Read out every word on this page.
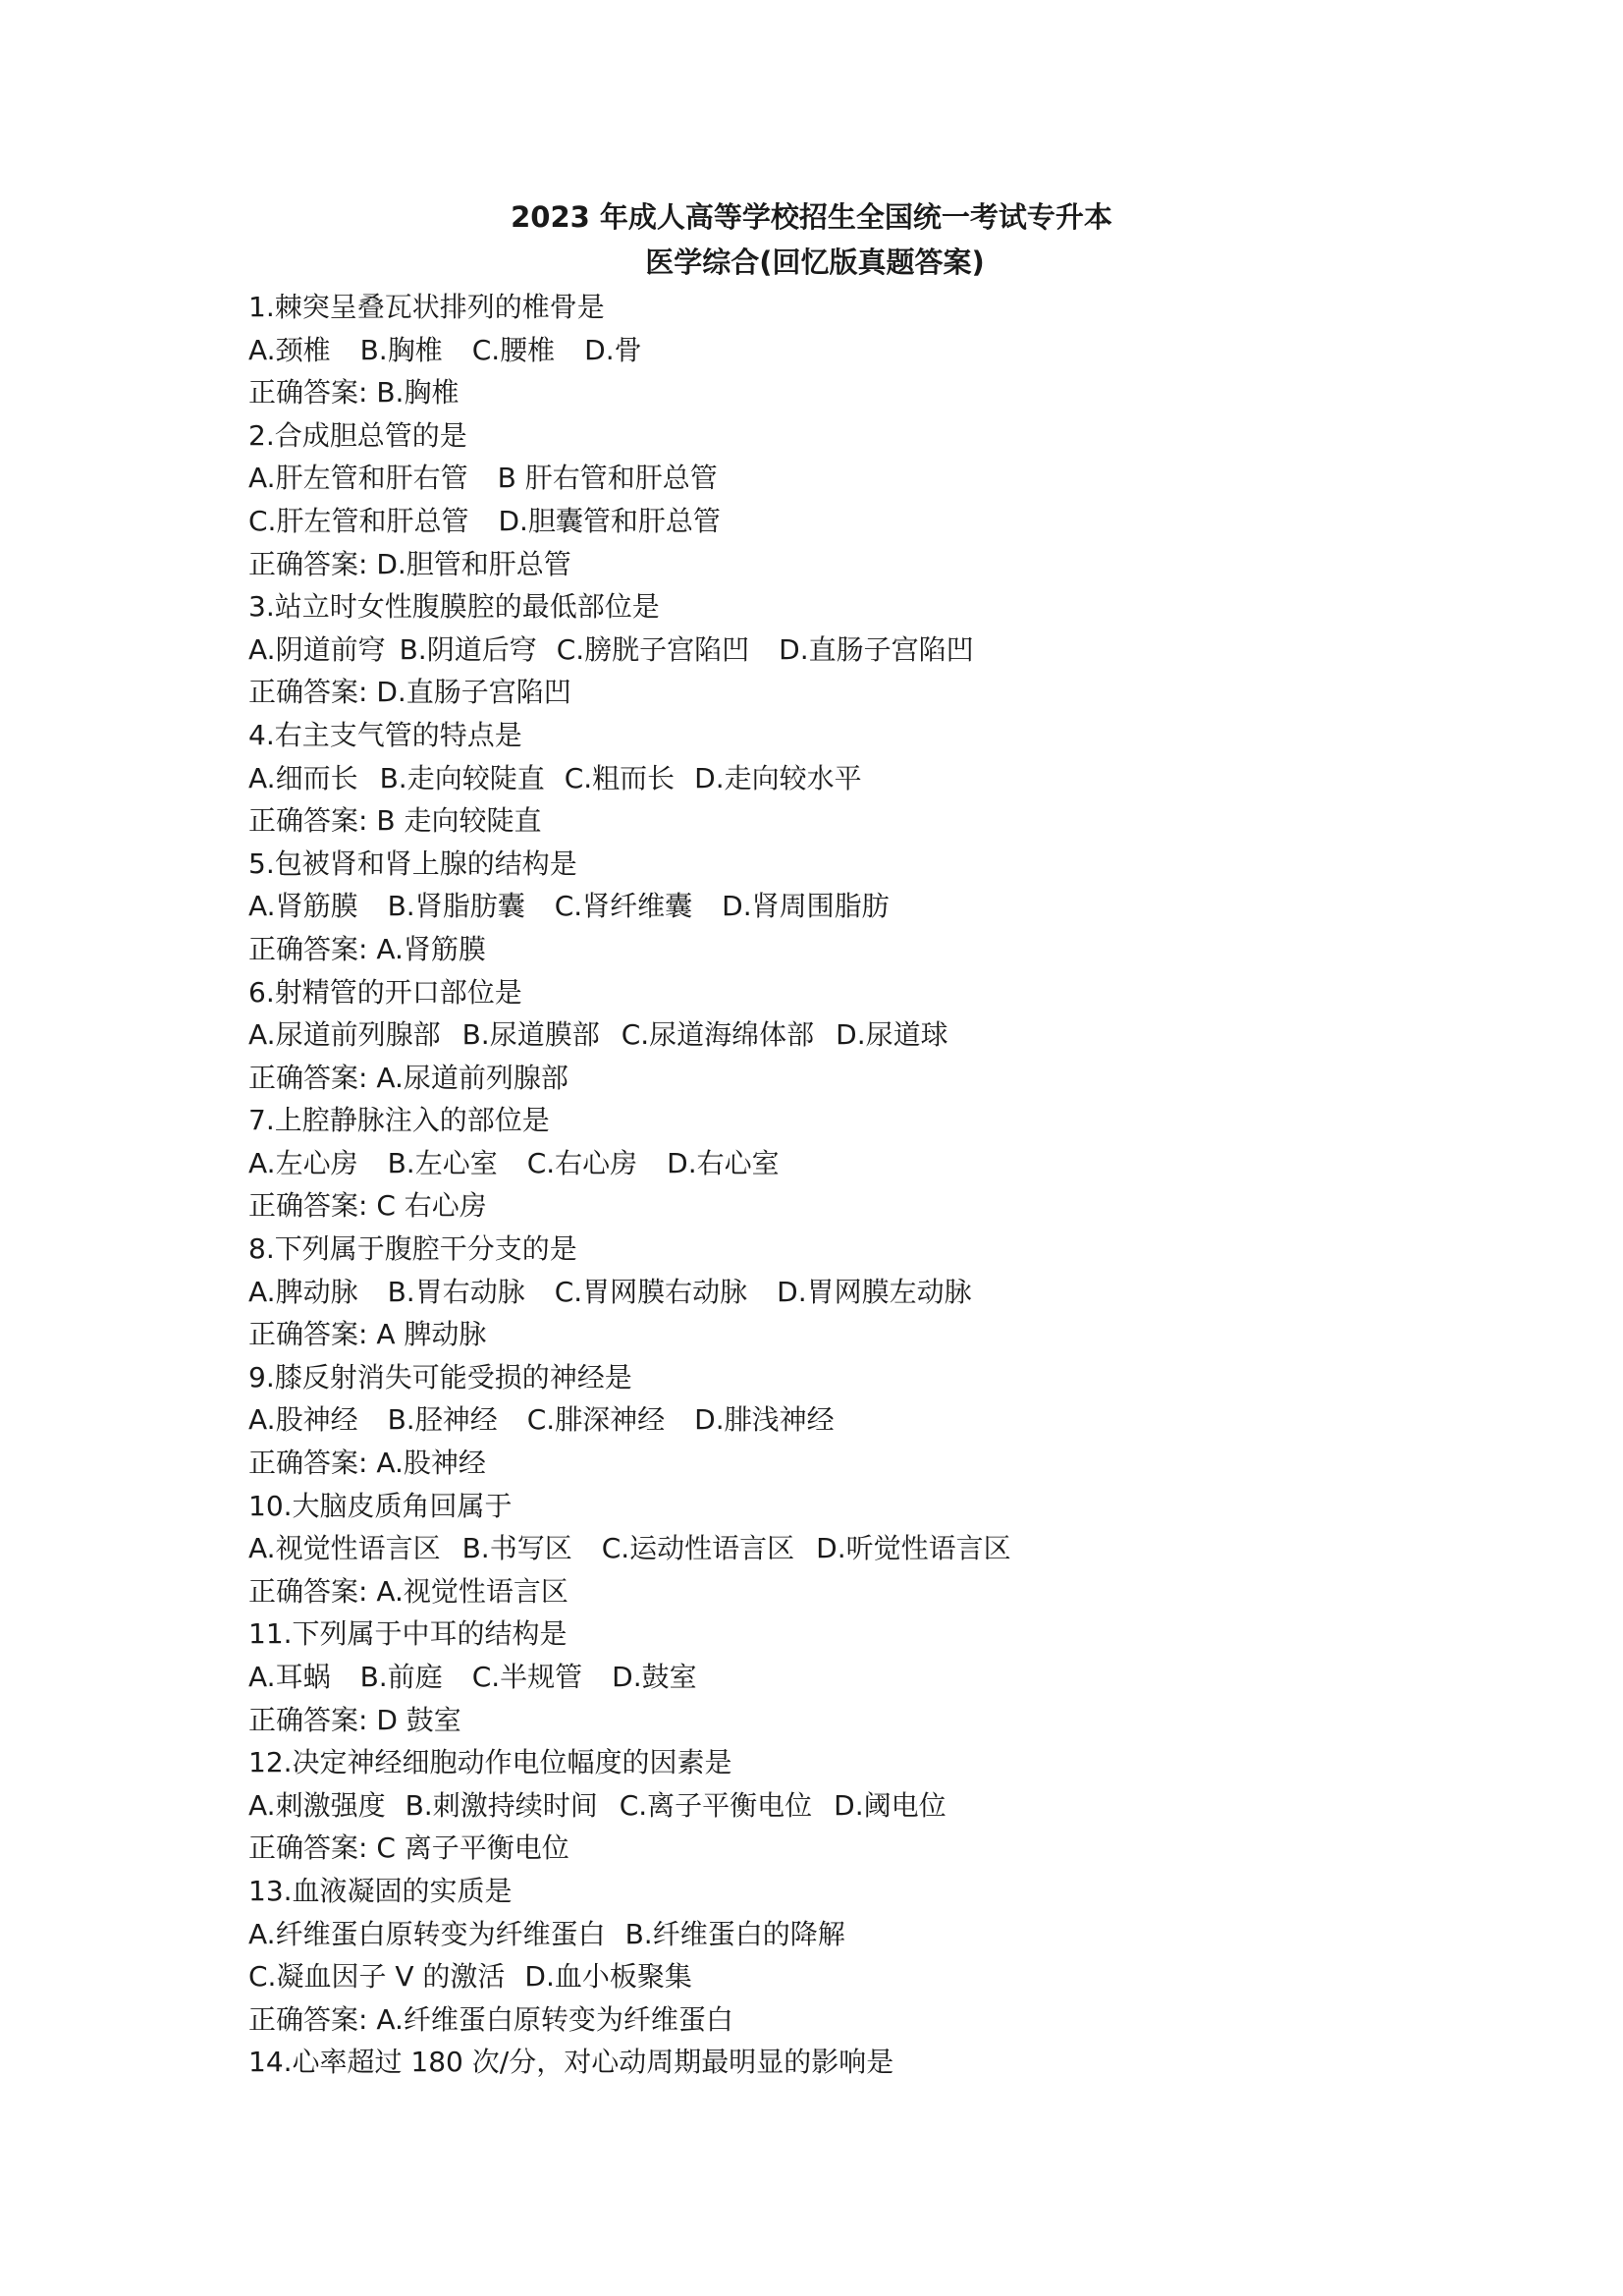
2023 年成人高等学校招生全国统一考试专升本
医学综合(回忆版真题答案)
1.棘突呈叠瓦状排列的椎骨是
A.颈椎 B.胸椎 C.腰椎 D.骨
正确答案: B.胸椎
2.合成胆总管的是
A.肝左管和肝右管 B 肝右管和肝总管
C.肝左管和肝总管 D.胆囊管和肝总管
正确答案: D.胆管和肝总管
3.站立时女性腹膜腔的最低部位是
A.阴道前穹 B.阴道后穹 C.膀胱子宫陷凹 D.直肠子宫陷凹
正确答案: D.直肠子宫陷凹
4.右主支气管的特点是
A.细而长 B.走向较陡直 C.粗而长 D.走向较水平
正确答案: B 走向较陡直
5.包被肾和肾上腺的结构是
A.肾筋膜 B.肾脂肪囊 C.肾纤维囊 D.肾周围脂肪
正确答案: A.肾筋膜
6.射精管的开口部位是
A.尿道前列腺部 B.尿道膜部 C.尿道海绵体部 D.尿道球
正确答案: A.尿道前列腺部
7.上腔静脉注入的部位是
A.左心房 B.左心室 C.右心房 D.右心室
正确答案: C 右心房
8.下列属于腹腔干分支的是
A.脾动脉 B.胃右动脉 C.胃网膜右动脉 D.胃网膜左动脉
正确答案: A 脾动脉
9.膝反射消失可能受损的神经是
A.股神经 B.胫神经 C.腓深神经 D.腓浅神经
正确答案: A.股神经
10.大脑皮质角回属于
A.视觉性语言区 B.书写区 C.运动性语言区 D.听觉性语言区
正确答案: A.视觉性语言区
11.下列属于中耳的结构是
A.耳蜗 B.前庭 C.半规管 D.鼓室
正确答案: D 鼓室
12.决定神经细胞动作电位幅度的因素是
A.刺激强度 B.刺激持续时间 C.离子平衡电位 D.阈电位
正确答案: C 离子平衡电位
13.血液凝固的实质是
A.纤维蛋白原转变为纤维蛋白 B.纤维蛋白的降解
C.凝血因子 V 的激活 D.血小板聚集
正确答案: A.纤维蛋白原转变为纤维蛋白
14.心率超过 180 次/分，对心动周期最明显的影响是
